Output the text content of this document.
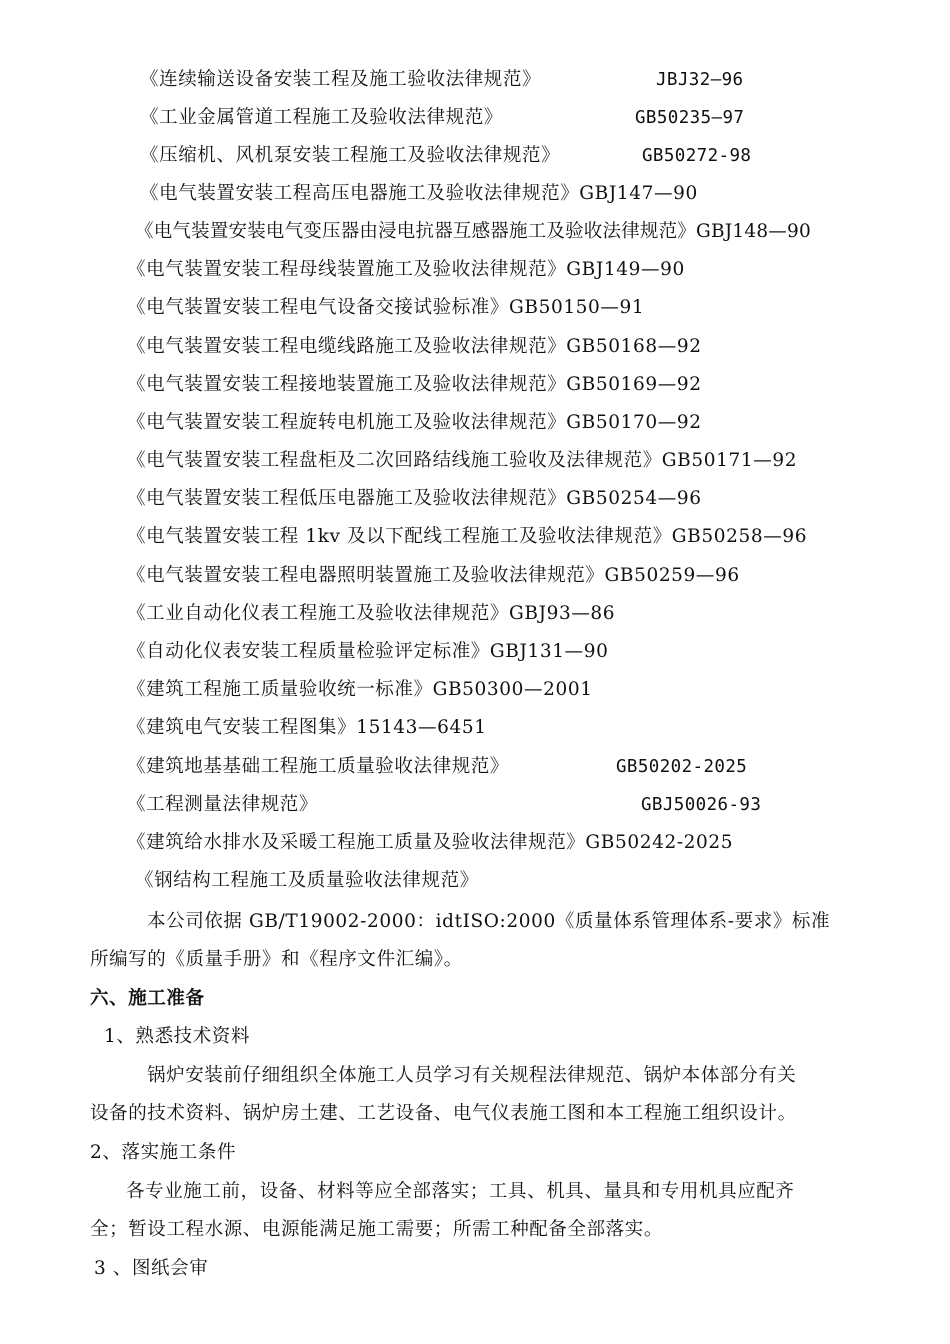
《连续输送设备安装工程及施工验收法律规范》	JBJ32—96
《工业金属管道工程施工及验收法律规范》	GB50235—97
《压缩机、风机泵安装工程施工及验收法律规范》	GB50272-98
《电气装置安装工程高压电器施工及验收法律规范》GBJ147—90
《电气装置安装电气变压器由浸电抗器互感器施工及验收法律规范》GBJ148—90
《电气装置安装工程母线装置施工及验收法律规范》GBJ149—90
《电气装置安装工程电气设备交接试验标准》GB50150—91
《电气装置安装工程电缆线路施工及验收法律规范》GB50168—92
《电气装置安装工程接地装置施工及验收法律规范》GB50169—92
《电气装置安装工程旋转电机施工及验收法律规范》GB50170—92
《电气装置安装工程盘柜及二次回路结线施工验收及法律规范》GB50171—92
《电气装置安装工程低压电器施工及验收法律规范》GB50254—96
《电气装置安装工程 1kv 及以下配线工程施工及验收法律规范》GB50258—96
《电气装置安装工程电器照明装置施工及验收法律规范》GB50259—96
《工业自动化仪表工程施工及验收法律规范》GBJ93—86
《自动化仪表安装工程质量检验评定标准》GBJ131—90
《建筑工程施工质量验收统一标准》GB50300—2001
《建筑电气安装工程图集》15143—6451
《建筑地基基础工程施工质量验收法律规范》	GB50202-2025
《工程测量法律规范》	GBJ50026-93
《建筑给水排水及采暖工程施工质量及验收法律规范》GB50242-2025
《钢结构工程施工及质量验收法律规范》
本公司依据 GB/T19002-2000：idtISO:2000《质量体系管理体系-要求》标准
所编写的《质量手册》和《程序文件汇编》。
六、施工准备
1、熟悉技术资料
锅炉安装前仔细组织全体施工人员学习有关规程法律规范、锅炉本体部分有关
设备的技术资料、锅炉房土建、工艺设备、电气仪表施工图和本工程施工组织设计。
2、落实施工条件
各专业施工前，设备、材料等应全部落实；工具、机具、量具和专用机具应配齐
全；暂设工程水源、电源能满足施工需要；所需工种配备全部落实。
3 、图纸会审
